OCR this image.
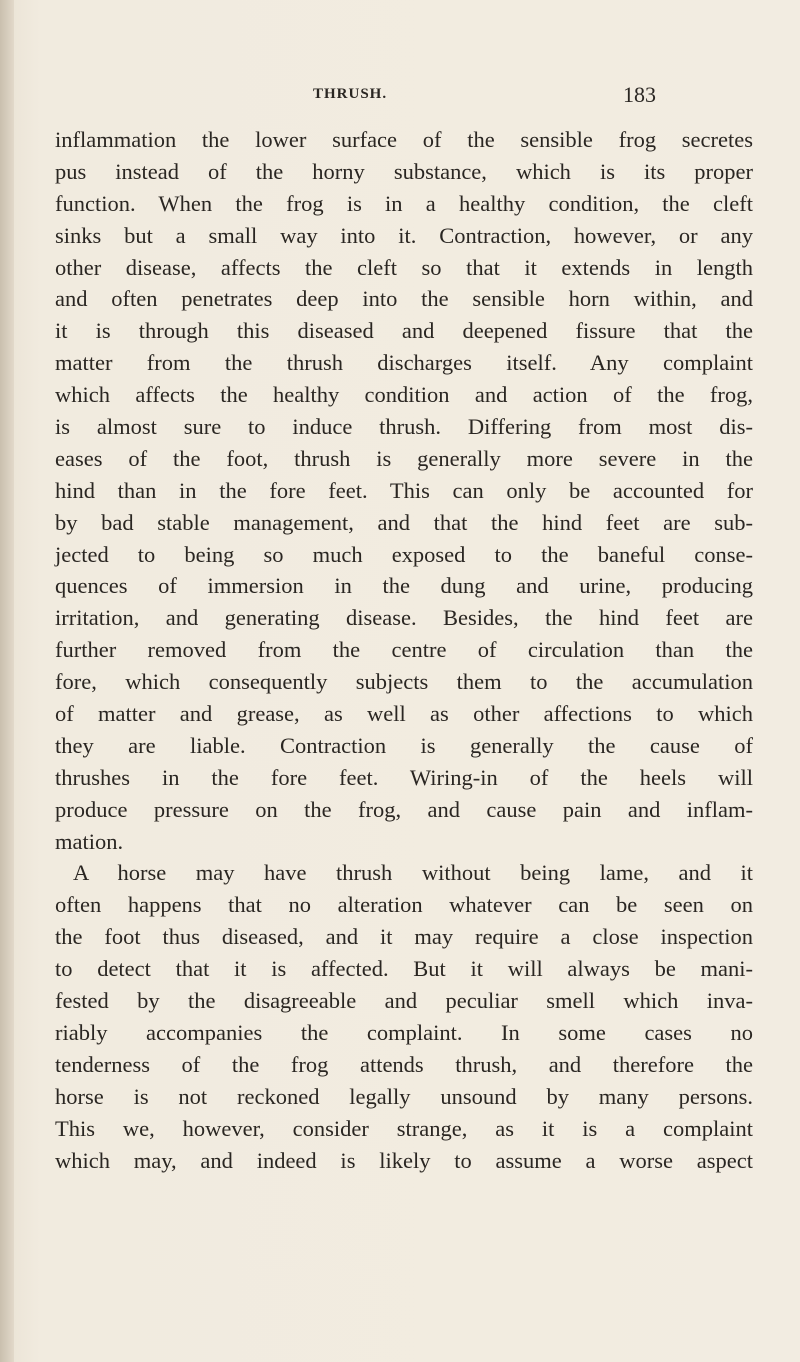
THRUSH.	183
inflammation the lower surface of the sensible frog secretes
pus instead of the horny substance, which is its proper
function. When the frog is in a healthy condition, the cleft
sinks but a small way into it. Contraction, however, or any
other disease, affects the cleft so that it extends in length
and often penetrates deep into the sensible horn within, and
it is through this diseased and deepened fissure that the
matter from the thrush discharges itself. Any complaint
which affects the healthy condition and action of the frog,
is almost sure to induce thrush. Differing from most dis-
eases of the foot, thrush is generally more severe in the
hind than in the fore feet. This can only be accounted for
by bad stable management, and that the hind feet are sub-
jected to being so much exposed to the baneful conse-
quences of immersion in the dung and urine, producing
irritation, and generating disease. Besides, the hind feet are
further removed from the centre of circulation than the
fore, which consequently subjects them to the accumulation
of matter and grease, as well as other affections to which
they are liable. Contraction is generally the cause of
thrushes in the fore feet. Wiring-in of the heels will
produce pressure on the frog, and cause pain and inflam-
mation.
A horse may have thrush without being lame, and it
often happens that no alteration whatever can be seen on
the foot thus diseased, and it may require a close inspection
to detect that it is affected. But it will always be mani-
fested by the disagreeable and peculiar smell which inva-
riably accompanies the complaint. In some cases no
tenderness of the frog attends thrush, and therefore the
horse is not reckoned legally unsound by many persons.
This we, however, consider strange, as it is a complaint
which may, and indeed is likely to assume a worse aspect
